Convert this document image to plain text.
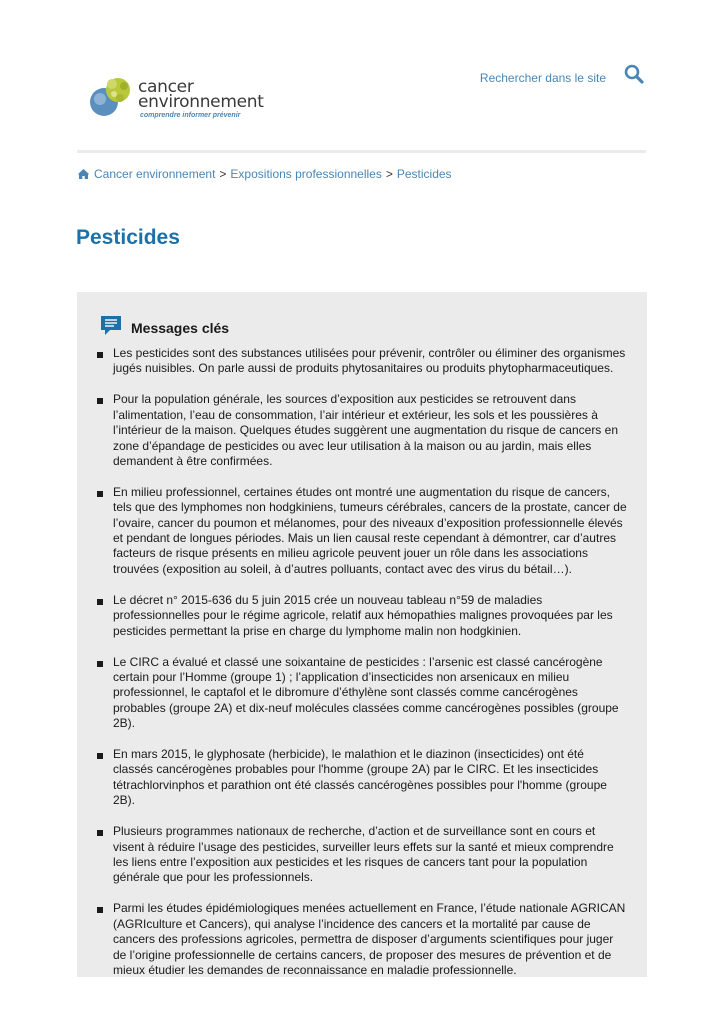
cancer
environnement
comprendre informer prévenir
Rechercher dans le site
Cancer environnement > Expositions professionnelles > Pesticides
Pesticides
Messages clés
Les pesticides sont des substances utilisées pour prévenir, contrôler ou éliminer des organismes jugés nuisibles. On parle aussi de produits phytosanitaires ou produits phytopharmaceutiques.
Pour la population générale, les sources d’exposition aux pesticides se retrouvent dans l’alimentation, l’eau de consommation, l’air intérieur et extérieur, les sols et les poussières à l’intérieur de la maison. Quelques études suggèrent une augmentation du risque de cancers en zone d’épandage de pesticides ou avec leur utilisation à la maison ou au jardin, mais elles demandent à être confirmées.
En milieu professionnel, certaines études ont montré une augmentation du risque de cancers, tels que des lymphomes non hodgkiniens, tumeurs cérébrales, cancers de la prostate, cancer de l’ovaire, cancer du poumon et mélanomes, pour des niveaux d’exposition professionnelle élevés et pendant de longues périodes. Mais un lien causal reste cependant à démontrer, car d’autres facteurs de risque présents en milieu agricole peuvent jouer un rôle dans les associations trouvées (exposition au soleil, à d’autres polluants, contact avec des virus du bétail…).
Le décret n° 2015-636 du 5 juin 2015 crée un nouveau tableau n°59 de maladies professionnelles pour le régime agricole, relatif aux hémopathies malignes provoquées par les pesticides permettant la prise en charge du lymphome malin non hodgkinien.
Le CIRC a évalué et classé une soixantaine de pesticides : l’arsenic est classé cancérogène certain pour l’Homme (groupe 1) ; l’application d’insecticides non arsenicaux en milieu professionnel, le captafol et le dibromure d’éthylène sont classés comme cancérogènes probables (groupe 2A) et dix-neuf molécules classées comme cancérogènes possibles (groupe 2B).
En mars 2015, le glyphosate (herbicide), le malathion et le diazinon (insecticides) ont été classés cancérogènes probables pour l'homme (groupe 2A) par le CIRC. Et les insecticides tétrachlorvinphos et parathion ont été classés cancérogènes possibles pour l'homme (groupe 2B).
Plusieurs programmes nationaux de recherche, d’action et de surveillance sont en cours et visent à réduire l’usage des pesticides, surveiller leurs effets sur la santé et mieux comprendre les liens entre l’exposition aux pesticides et les risques de cancers tant pour la population générale que pour les professionnels.
Parmi les études épidémiologiques menées actuellement en France, l’étude nationale AGRICAN (AGRIculture et Cancers), qui analyse l’incidence des cancers et la mortalité par cause de cancers des professions agricoles, permettra de disposer d’arguments scientifiques pour juger de l’origine professionnelle de certains cancers, de proposer des mesures de prévention et de mieux étudier les demandes de reconnaissance en maladie professionnelle.
